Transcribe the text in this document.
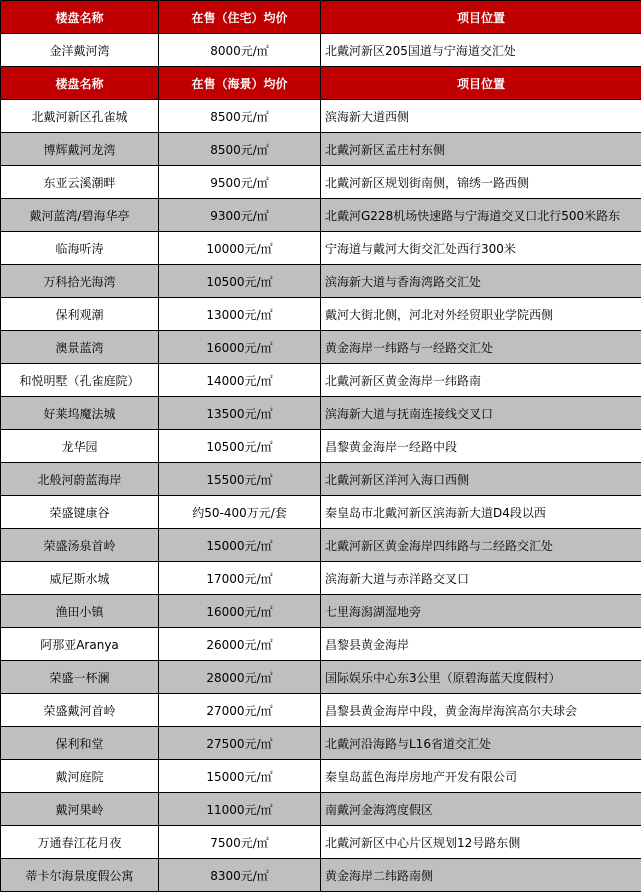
楼盘名称	在售（住宅）均价	项目位置
金洋戴河湾	8000元/㎡	北戴河新区205国道与宁海道交汇处
楼盘名称	在售（海景）均价	项目位置
北戴河新区孔雀城	8500元/㎡	滨海新大道西侧
博辉戴河龙湾	8500元/㎡	北戴河新区孟庄村东侧
东亚云溪潮畔	9500元/㎡	北戴河新区规划街南侧，锦绣一路西侧
戴河蓝湾/碧海华亭	9300元/㎡	北戴河G228机场快速路与宁海道交叉口北行500米路东
临海听涛	10000元/㎡	宁海道与戴河大街交汇处西行300米
万科拾光海湾	10500元/㎡	滨海新大道与香海湾路交汇处
保利观潮	13000元/㎡	戴河大街北侧，河北对外经贸职业学院西侧
澳景蓝湾	16000元/㎡	黄金海岸一纬路与一经路交汇处
和悦明墅（孔雀庭院）	14000元/㎡	北戴河新区黄金海岸一纬路南
好莱坞魔法城	13500元/㎡	滨海新大道与抚南连接线交叉口
龙华园	10500元/㎡	昌黎黄金海岸一经路中段
北般河蔚蓝海岸	15500元/㎡	北戴河新区洋河入海口西侧
荣盛键康谷	约50-400万元/套	秦皇岛市北戴河新区滨海新大道D4段以西
荣盛汤泉首岭	15000元/㎡	北戴河新区黄金海岸四纬路与二经路交汇处
威尼斯水城	17000元/㎡	滨海新大道与赤洋路交叉口
渔田小镇	16000元/㎡	七里海潟湖湿地旁
阿那亚Aranya	26000元/㎡	昌黎县黄金海岸
荣盛一杯澜	28000元/㎡	国际娱乐中心东3公里（原碧海蓝天度假村）
荣盛戴河首岭	27000元/㎡	昌黎县黄金海岸中段，黄金海岸海滨高尔夫球会
保利和堂	27500元/㎡	北戴河沿海路与L16省道交汇处
戴河庭院	15000元/㎡	秦皇岛蓝色海岸房地产开发有限公司
戴河果岭	11000元/㎡	南戴河金海湾度假区
万通春江花月夜	7500元/㎡	北戴河新区中心片区规划12号路东侧
蒂卡尔海景度假公寓	8300元/㎡	黄金海岸二纬路南侧
